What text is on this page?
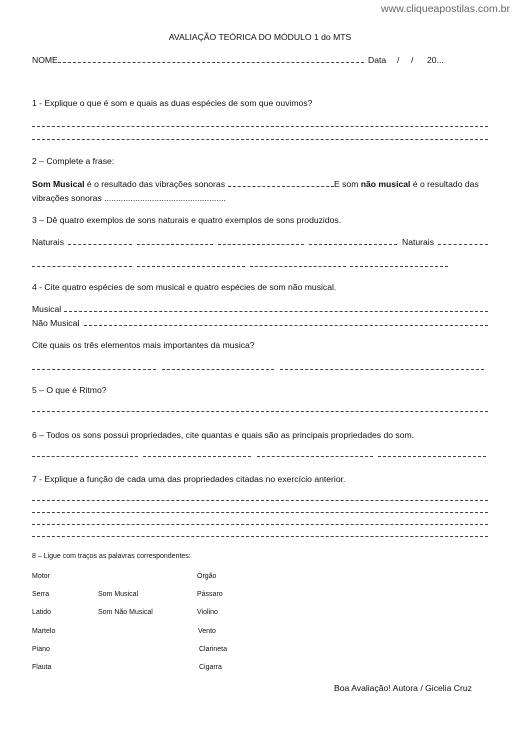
www.cliqueapostilas.com.br
AVALIAÇÃO TEÓRICA DO MÓDULO 1 do MTS
NOME	Data / / 20...
1 - Explique o que é som e quais as duas espécies de som que ouvimos?
2 – Complete a frase:
Som Musical é o resultado das vibrações sonoras	E som não musical é o resultado das
vibrações sonoras ...................................................
3 – Dê quatro exemplos de sons naturais e quatro exemplos de sons produzidos.
Naturais	Naturais
4 - Cite quatro espécies de som musical e quatro espécies de som não musical.
Musical
Não Musical
Cite quais os três elementos mais importantes da musica?
5 – O que é Ritmo?
6 – Todos os sons possui propriedades, cite quantas e quais são as principais propriedades do som.
7 - Explique a função de cada uma das propriedades citadas no exercício anterior.
8 – Ligue com traços as palavras correspondentes:
Motor
Serra
Latido
Martelo
Piano
Flauta
Som Musical
Som Não Musical
Órgão
Pássaro
Violino
Vento
Clarineta
Cigarra
Boa Avaliação! Autora / Gicelia Cruz
